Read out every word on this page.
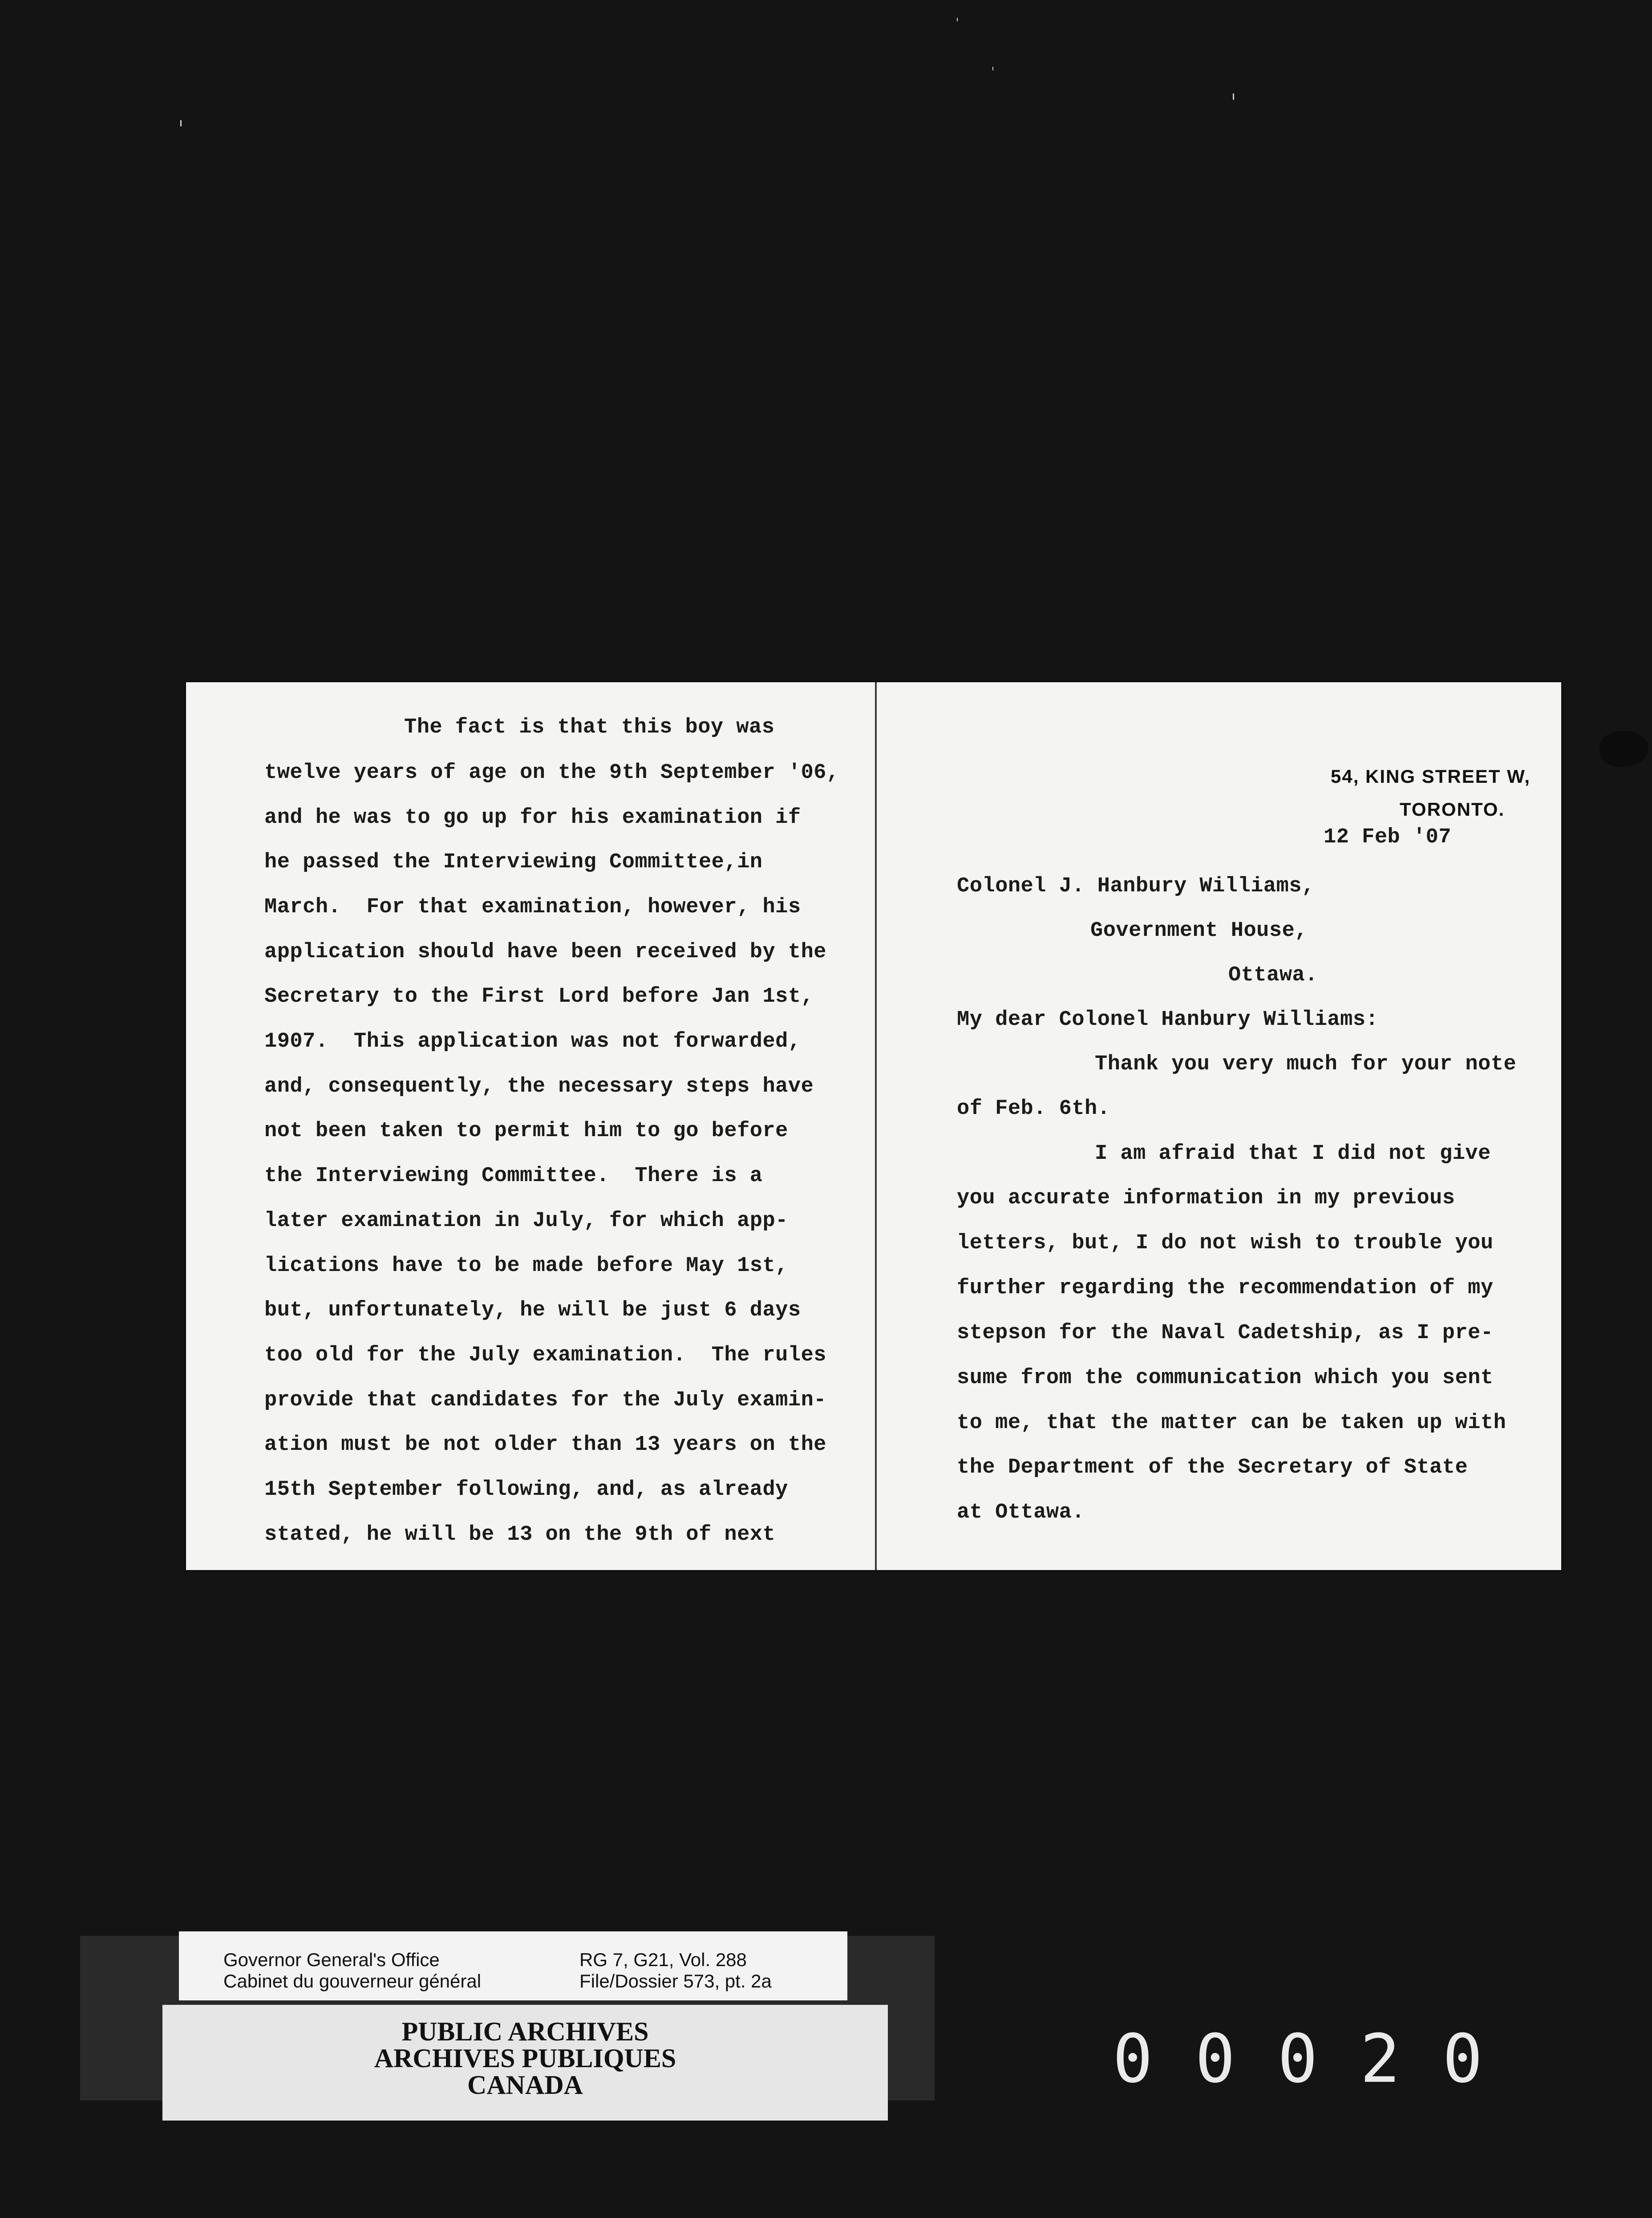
The fact is that this boy was
twelve years of age on the 9th September '06,
and he was to go up for his examination if
he passed the Interviewing Committee,in
March.  For that examination, however, his
application should have been received by the
Secretary to the First Lord before Jan 1st,
1907.  This application was not forwarded,
and, consequently, the necessary steps have
not been taken to permit him to go before
the Interviewing Committee.  There is a
later examination in July, for which app-
lications have to be made before May 1st,
but, unfortunately, he will be just 6 days
too old for the July examination.  The rules
provide that candidates for the July examin-
ation must be not older than 13 years on the
15th September following, and, as already
stated, he will be 13 on the 9th of next
54, KING STREET W,
TORONTO.
12 Feb '07
Colonel J. Hanbury Williams,
Government House,
Ottawa.
My dear Colonel Hanbury Williams:
Thank you very much for your note
of Feb. 6th.
I am afraid that I did not give
you accurate information in my previous
letters, but, I do not wish to trouble you
further regarding the recommendation of my
stepson for the Naval Cadetship, as I pre-
sume from the communication which you sent
to me, that the matter can be taken up with
the Department of the Secretary of State
at Ottawa.
Governor General's Office
Cabinet du gouverneur général
RG 7, G21, Vol. 288
File/Dossier 573, pt. 2a
PUBLIC ARCHIVES
ARCHIVES PUBLIQUES
CANADA	00020
